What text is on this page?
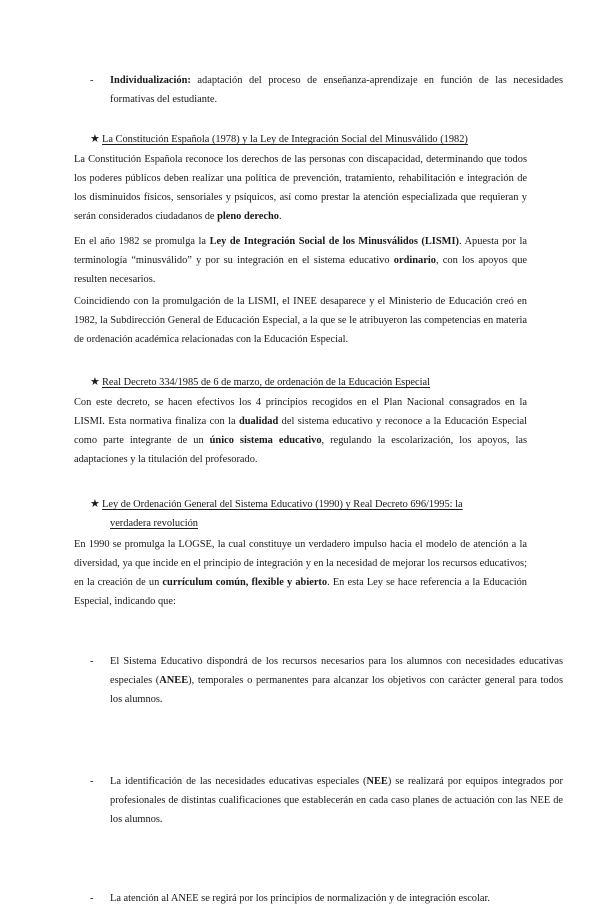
- Individualización: adaptación del proceso de enseñanza-aprendizaje en función de las necesidades formativas del estudiante.
★ La Constitución Española (1978) y la Ley de Integración Social del Minusválido (1982)
La Constitución Española reconoce los derechos de las personas con discapacidad, determinando que todos los poderes públicos deben realizar una política de prevención, tratamiento, rehabilitación e integración de los disminuidos físicos, sensoriales y psíquicos, así como prestar la atención especializada que requieran y serán considerados ciudadanos de pleno derecho.
En el año 1982 se promulga la Ley de Integración Social de los Minusválidos (LISMI). Apuesta por la terminología “minusválido” y por su integración en el sistema educativo ordinario, con los apoyos que resulten necesarios.
Coincidiendo con la promulgación de la LISMI, el INEE desaparece y el Ministerio de Educación creó en 1982, la Subdirección General de Educación Especial, a la que se le atribuyeron las competencias en materia de ordenación académica relacionadas con la Educación Especial.
★ Real Decreto 334/1985 de 6 de marzo, de ordenación de la Educación Especial
Con este decreto, se hacen efectivos los 4 principios recogidos en el Plan Nacional consagrados en la LISMI. Esta normativa finaliza con la dualidad del sistema educativo y reconoce a la Educación Especial como parte integrante de un único sistema educativo, regulando la escolarización, los apoyos, las adaptaciones y la titulación del profesorado.
★ Ley de Ordenación General del Sistema Educativo (1990) y Real Decreto 696/1995: la
verdadera revolución
En 1990 se promulga la LOGSE, la cual constituye un verdadero impulso hacia el modelo de atención a la diversidad, ya que incide en el principio de integración y en la necesidad de mejorar los recursos educativos; en la creación de un currículum común, flexible y abierto. En esta Ley se hace referencia a la Educación Especial, indicando que:
- El Sistema Educativo dispondrá de los recursos necesarios para los alumnos con necesidades educativas especiales (ANEE), temporales o permanentes para alcanzar los objetivos con carácter general para todos los alumnos.
- La identificación de las necesidades educativas especiales (NEE) se realizará por equipos integrados por profesionales de distintas cualificaciones que establecerán en cada caso planes de actuación con las NEE de los alumnos.
- La atención al ANEE se regirá por los principios de normalización y de integración escolar.
